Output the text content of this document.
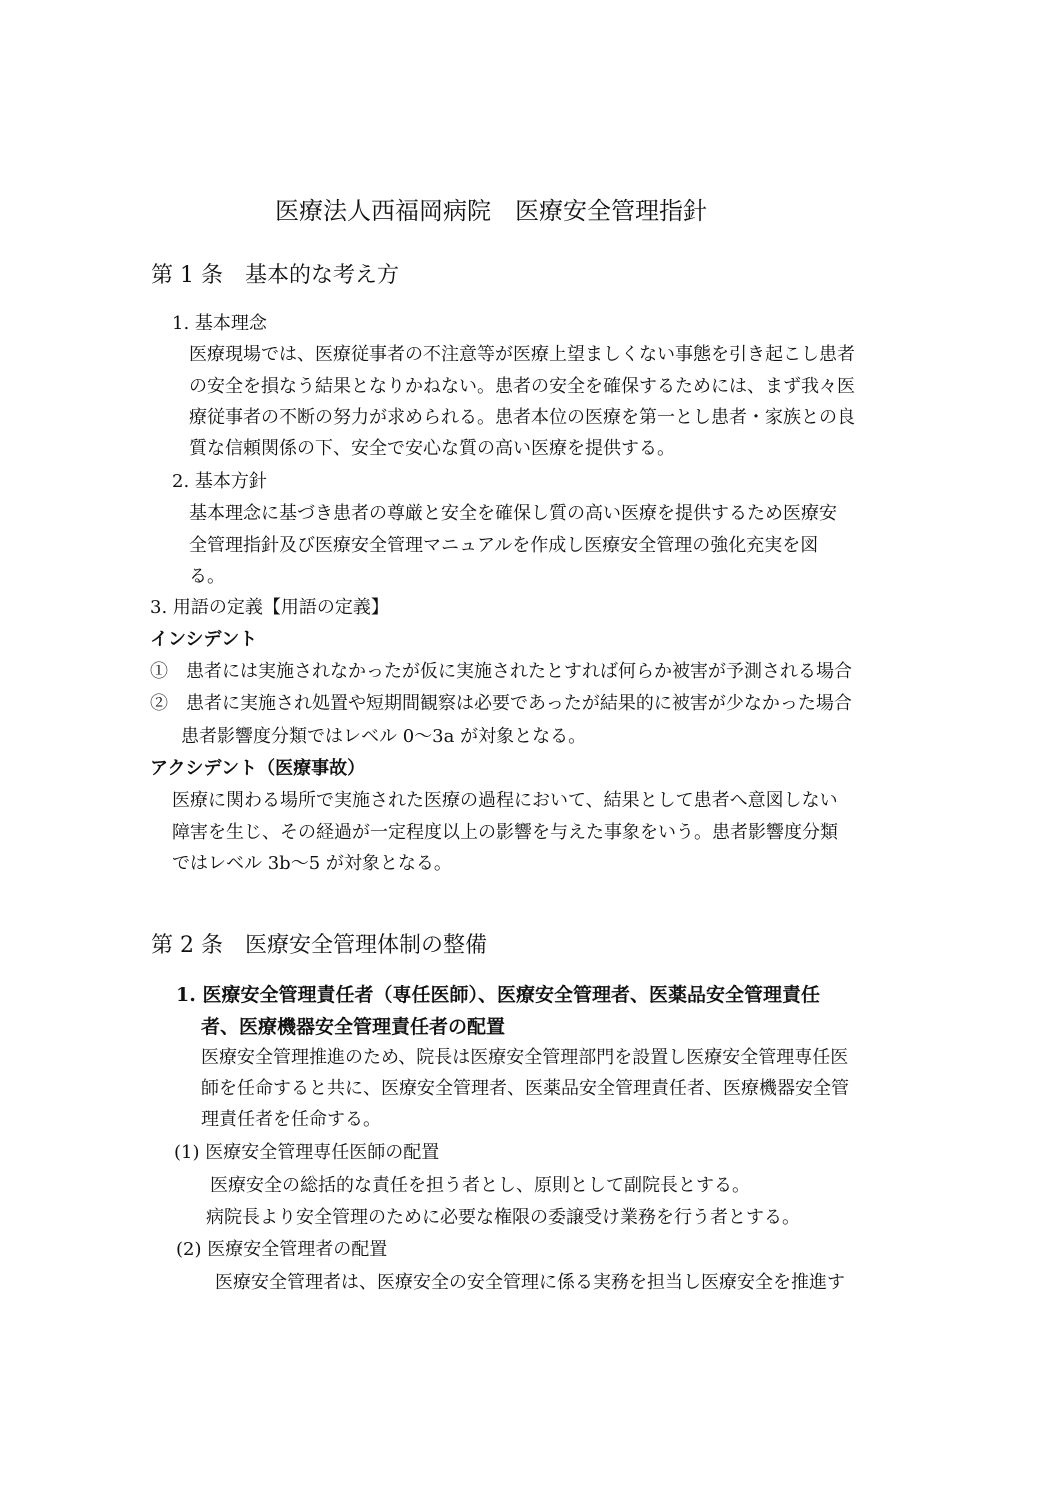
医療法人西福岡病院　医療安全管理指針
第 1 条　基本的な考え方
1. 基本理念
医療現場では、医療従事者の不注意等が医療上望ましくない事態を引き起こし患者
の安全を損なう結果となりかねない。患者の安全を確保するためには、まず我々医
療従事者の不断の努力が求められる。患者本位の医療を第一とし患者・家族との良
質な信頼関係の下、安全で安心な質の高い医療を提供する。
2. 基本方針
基本理念に基づき患者の尊厳と安全を確保し質の高い医療を提供するため医療安
全管理指針及び医療安全管理マニュアルを作成し医療安全管理の強化充実を図
る。
3. 用語の定義【用語の定義】
インシデント
①　患者には実施されなかったが仮に実施されたとすれば何らか被害が予測される場合
②　患者に実施され処置や短期間観察は必要であったが結果的に被害が少なかった場合
患者影響度分類ではレベル 0～3a が対象となる。
アクシデント（医療事故）
医療に関わる場所で実施された医療の過程において、結果として患者へ意図しない
障害を生じ、その経過が一定程度以上の影響を与えた事象をいう。患者影響度分類
ではレベル 3b～5 が対象となる。
第 2 条　医療安全管理体制の整備
1. 医療安全管理責任者（専任医師）、医療安全管理者、医薬品安全管理責任
者、医療機器安全管理責任者の配置
医療安全管理推進のため、院長は医療安全管理部門を設置し医療安全管理専任医
師を任命すると共に、医療安全管理者、医薬品安全管理責任者、医療機器安全管
理責任者を任命する。
(1) 医療安全管理専任医師の配置
医療安全の総括的な責任を担う者とし、原則として副院長とする。
病院長より安全管理のために必要な権限の委譲受け業務を行う者とする。
(2) 医療安全管理者の配置
医療安全管理者は、医療安全の安全管理に係る実務を担当し医療安全を推進す
